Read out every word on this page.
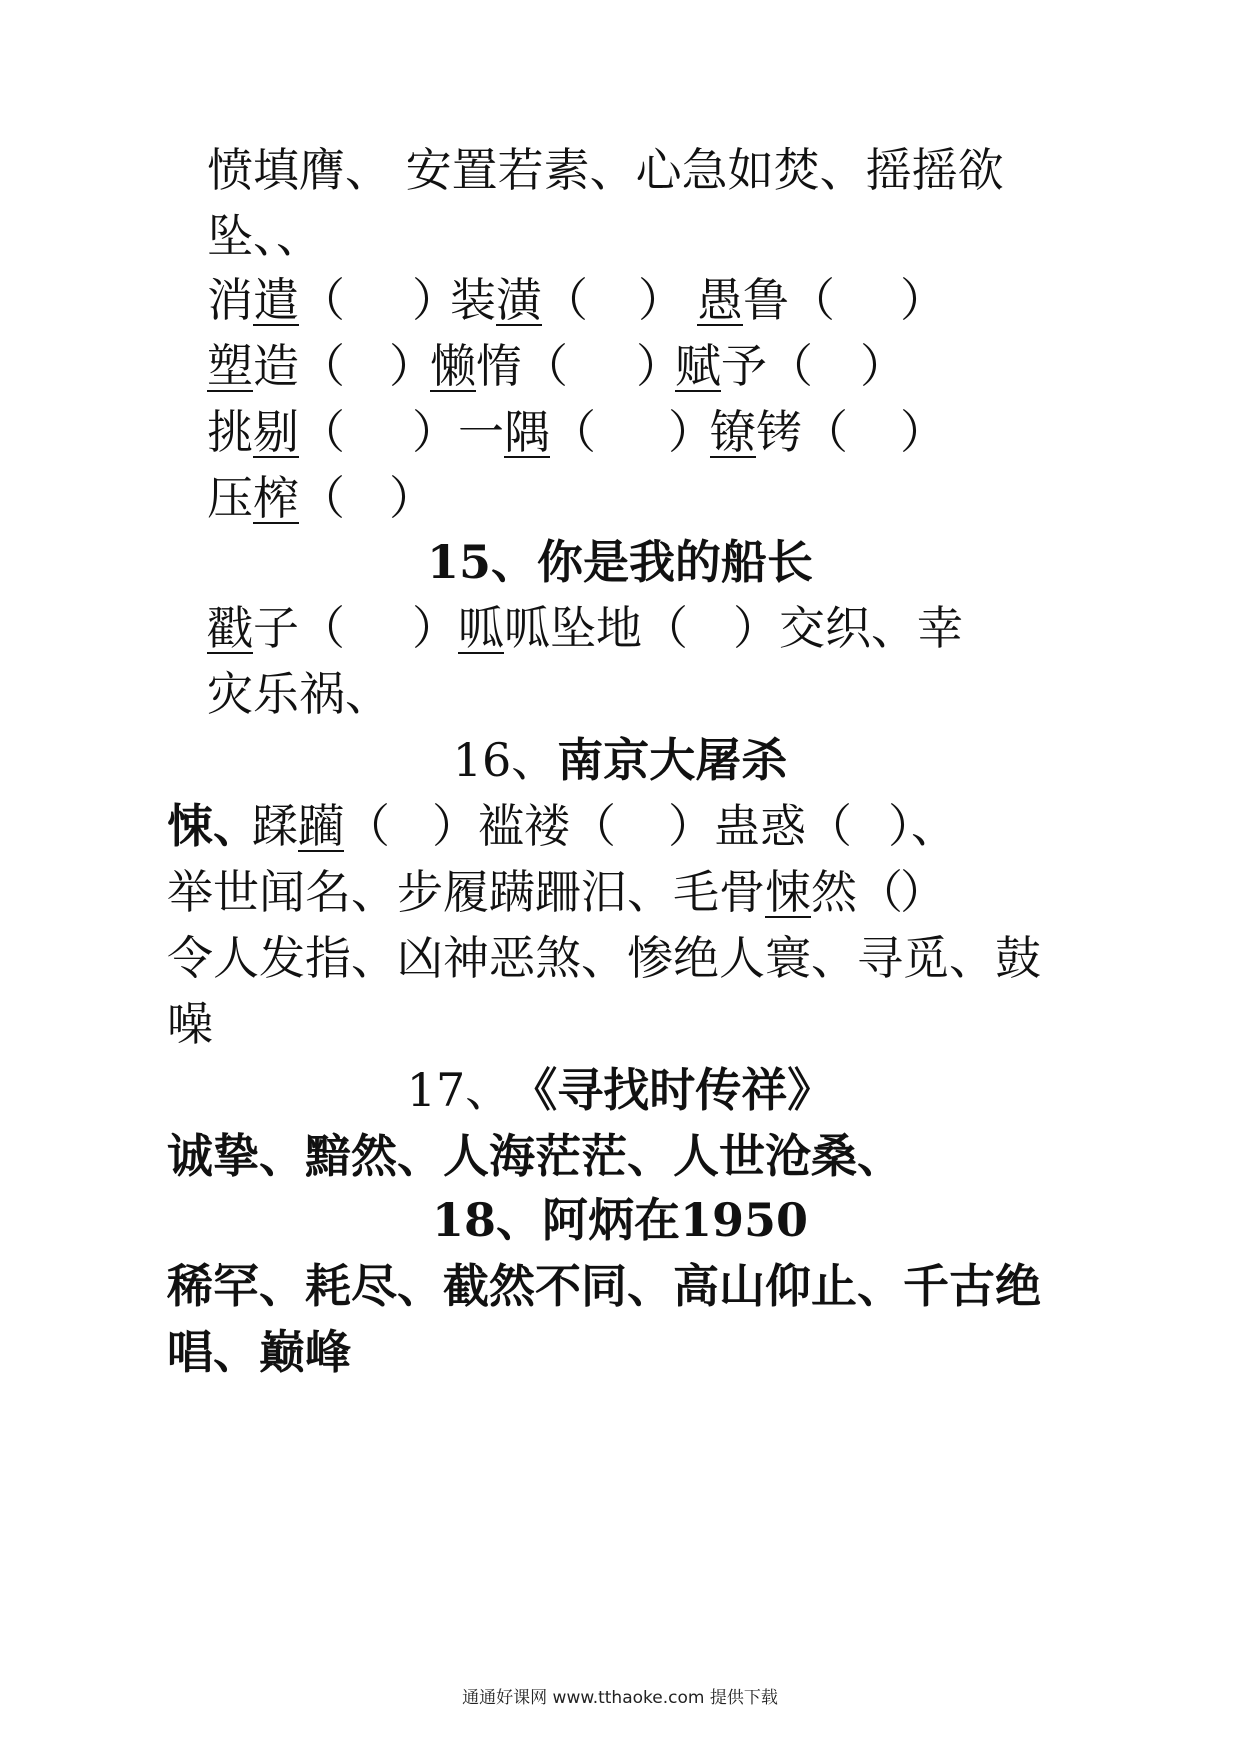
愤填膺、 安置若素、心急如焚、摇摇欲
坠、、
消遣（ ）
装潢（ ） 愚鲁（ ）
塑造（ ）
懒惰（ ）
赋予（ ）
挑剔（ ） 一隅（ ）
镣铐（ ）
压榨（ ）
15、你是我的船长
戳子（ ） 呱呱坠地（ ）交织、幸
灾乐祸、
16、南京大屠杀
悚、
蹂躏（ ）褴褛（ ）蛊惑（ ）、
举世闻名、步履蹒跚汨、毛骨悚然（
）
令人发指、凶神恶煞、惨绝人寰、寻觅、鼓
噪
17、《寻找时传祥》
诚挚、黯然、人海茫茫、人世沧桑、
18、阿炳在1950
稀罕、耗尽、截然不同、高山仰止、千古绝
唱、巅峰
通通好课网 www.tthaoke.com 提供下载
